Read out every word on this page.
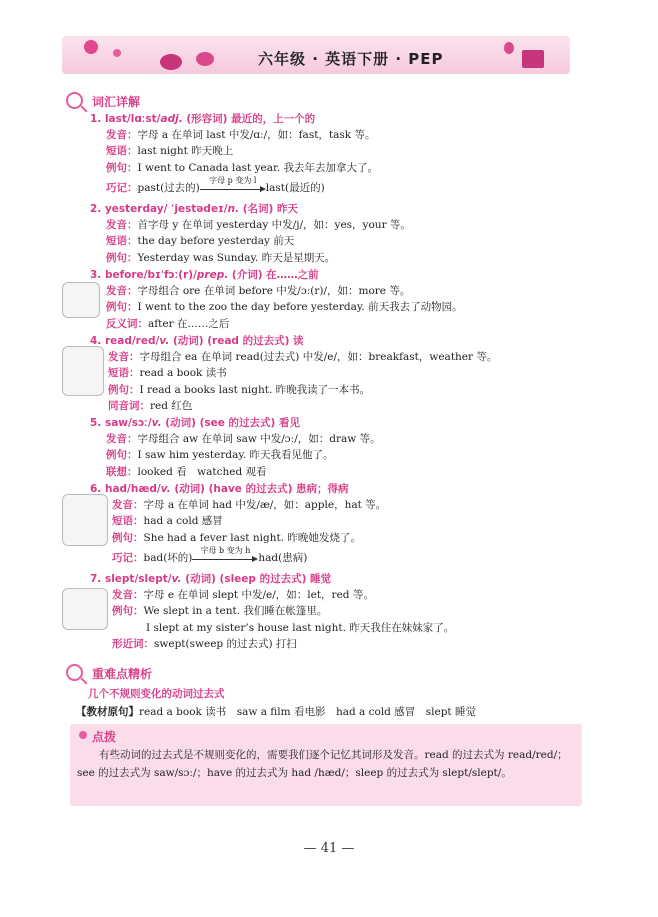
六年级 · 英语下册 · PEP
词汇详解
1. last/lɑːst/adj. (形容词) 最近的，上一个的
发音：字母 a 在单词 last 中发/ɑː/，如：fast，task 等。
短语：last night 昨天晚上
例句：I went to Canada last year. 我去年去加拿大了。
巧记：past(过去的)
字母 p 变为 l
last(最近的)
2. yesterday/ ˈjestədeɪ/n. (名词) 昨天
发音：首字母 y 在单词 yesterday 中发/j/，如：yes，your 等。
短语：the day before yesterday 前天
例句：Yesterday was Sunday. 昨天是星期天。
3. before/bɪˈfɔː(r)/prep. (介词) 在……之前
发音：字母组合 ore 在单词 before 中发/ɔː(r)/，如：more 等。
例句：I went to the zoo the day before yesterday. 前天我去了动物园。
反义词：after 在……之后
4. read/red/v. (动词) (read 的过去式) 读
发音：字母组合 ea 在单词 read(过去式) 中发/e/，如：breakfast，weather 等。
短语：read a book 读书
例句：I read a books last night. 昨晚我读了一本书。
同音词：red 红色
5. saw/sɔː/v. (动词) (see 的过去式) 看见
发音：字母组合 aw 在单词 saw 中发/ɔː/，如：draw 等。
例句：I saw him yesterday. 昨天我看见他了。
联想：looked 看　watched 观看
6. had/hæd/v. (动词) (have 的过去式) 患病；得病
发音：字母 a 在单词 had 中发/æ/，如：apple，hat 等。
短语：had a cold 感冒
例句：She had a fever last night. 昨晚她发烧了。
巧记：bad(坏的)
字母 b 变为 h
had(患病)
7. slept/slept/v. (动词) (sleep 的过去式) 睡觉
发音：字母 e 在单词 slept 中发/e/，如：let，red 等。
例句：We slept in a tent. 我们睡在帐篷里。
I slept at my sister’s house last night. 昨天我住在妹妹家了。
形近词：swept(sweep 的过去式) 打扫
重难点精析
几个不规则变化的动词过去式
【教材原句】read a book 读书　saw a film 看电影　had a cold 感冒　slept 睡觉
点拨
有些动词的过去式是不规则变化的，需要我们逐个记忆其词形及发音。read 的过去式为 read/red/；see 的过去式为 saw/sɔː/；have 的过去式为 had /hæd/；sleep 的过去式为 slept/slept/。
— 41 —
